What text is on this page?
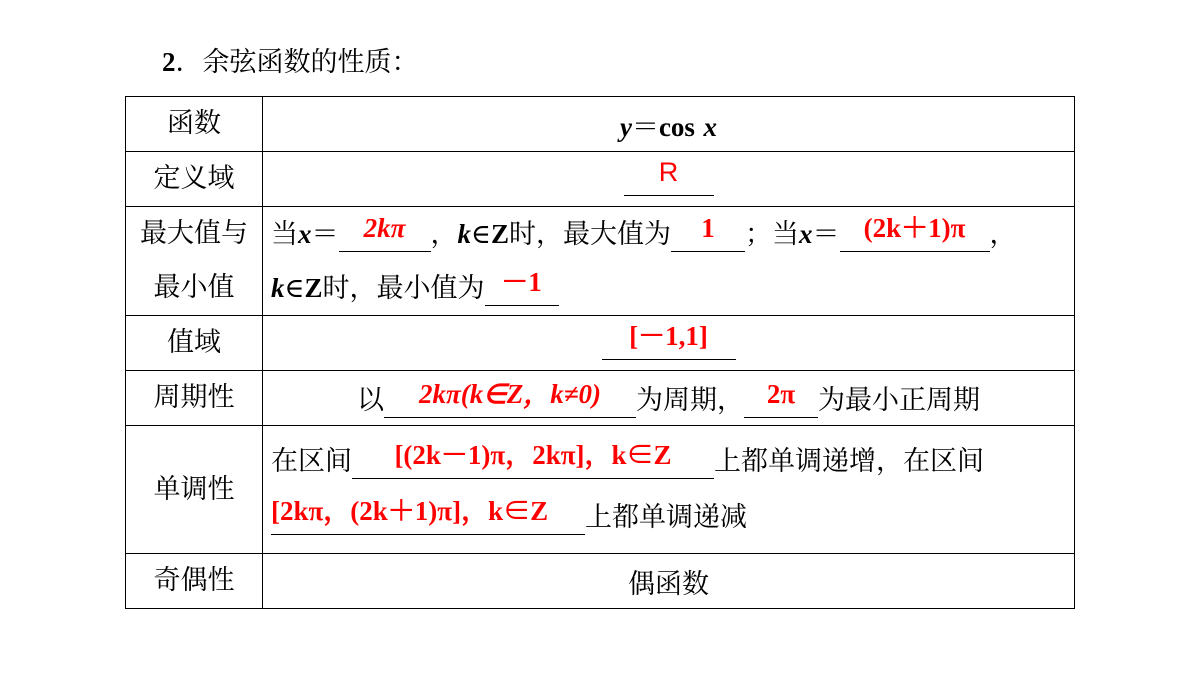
2．余弦函数的性质：
函数	y＝cos x
定义域	R

最大值与
最小值	当x＝ 2kπ ，k∈Z时，最大值为 1 ；当x＝ (2k＋1)π ，
k∈Z时，最小值为 －1

值域	[－1,1]
周期性	以 2kπ(k∈Z，k≠0) 为周期， 2π 为最小正周期
单调性	在区间 [(2k－1)π，2kπ]，k∈Z 上都单调递增，在区间
[2kπ，(2k＋1)π]，k∈Z 上都单调递减

奇偶性	偶函数
